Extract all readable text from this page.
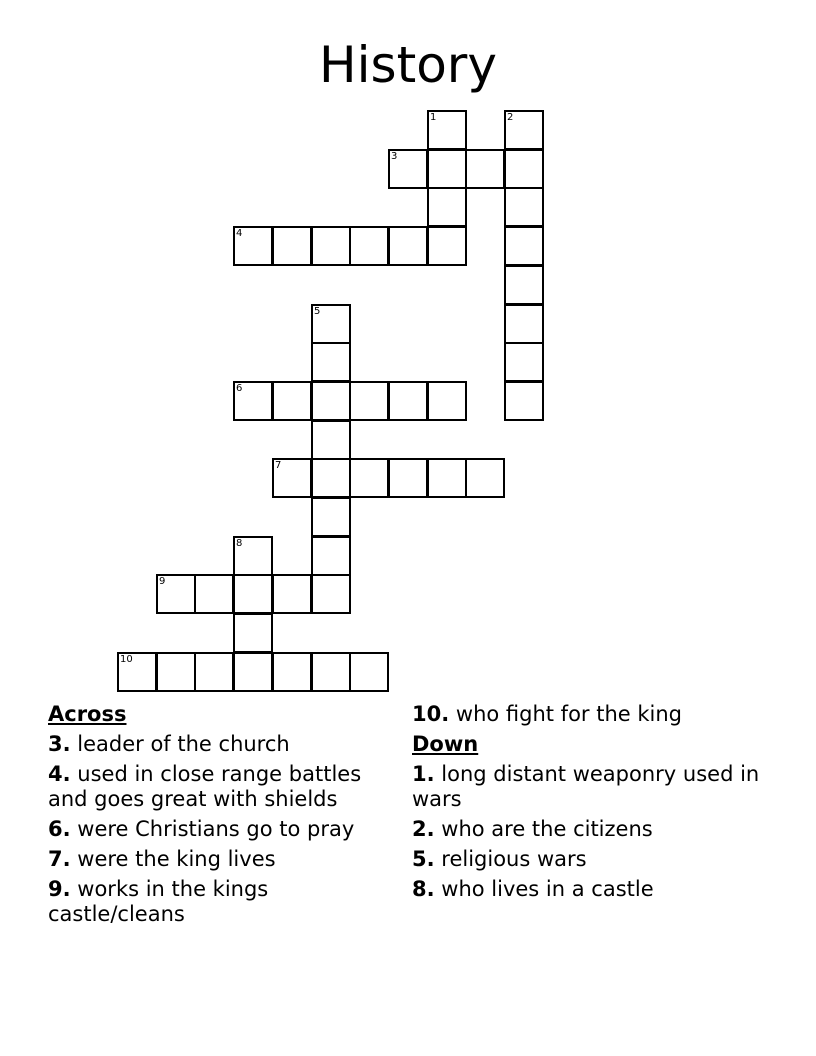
History
1	2
3
4
5
6
7
8
9
10
Across
3. leader of the church
4. used in close range battles and goes great with shields
6. were Christians go to pray
7. were the king lives
9. works in the kings castle/cleans
10. who fight for the king
Down
1. long distant weaponry used in wars
2. who are the citizens
5. religious wars
8. who lives in a castle
